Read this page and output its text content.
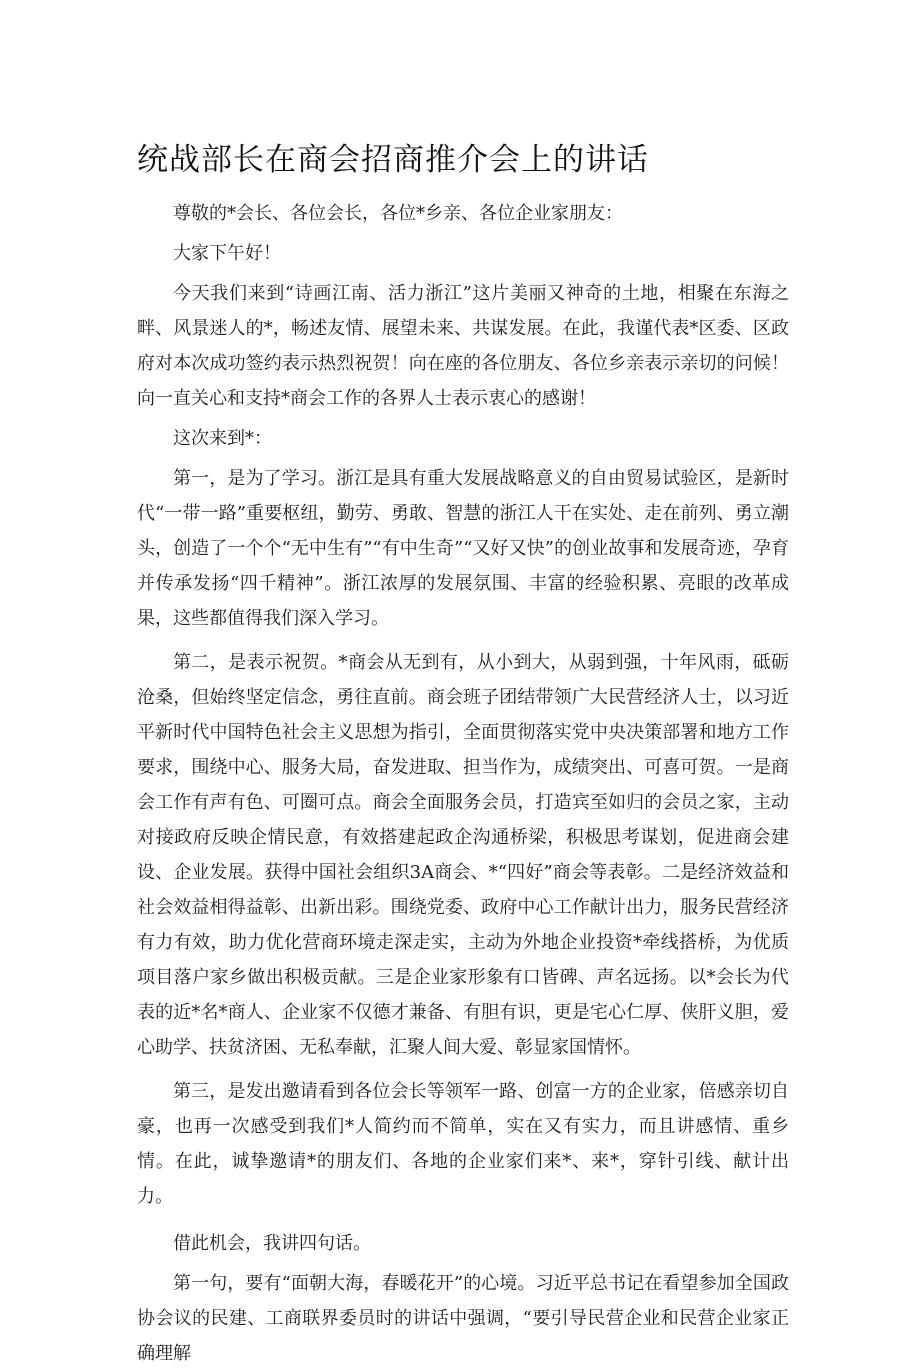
统战部长在商会招商推介会上的讲话

尊敬的*会长、各位会长，各位*乡亲、各位企业家朋友：

大家下午好！

今天我们来到“诗画江南、活力浙江”这片美丽又神奇的土地，相聚在东海之畔、风景迷人的*，畅述友情、展望未来、共谋发展。在此，我谨代表*区委、区政府对本次成功签约表示热烈祝贺！向在座的各位朋友、各位乡亲表示亲切的问候！向一直关心和支持*商会工作的各界人士表示衷心的感谢！

这次来到*：

第一，是为了学习。浙江是具有重大发展战略意义的自由贸易试验区，是新时代“一带一路”重要枢纽，勤劳、勇敢、智慧的浙江人干在实处、走在前列、勇立潮头，创造了一个个“无中生有”“有中生奇”“又好又快”的创业故事和发展奇迹，孕育并传承发扬“四千精神”。浙江浓厚的发展氛围、丰富的经验积累、亮眼的改革成果，这些都值得我们深入学习。

第二，是表示祝贺。*商会从无到有，从小到大，从弱到强，十年风雨，砥砺沧桑，但始终坚定信念，勇往直前。商会班子团结带领广大民营经济人士，以习近平新时代中国特色社会主义思想为指引，全面贯彻落实党中央决策部署和地方工作要求，围绕中心、服务大局，奋发进取、担当作为，成绩突出、可喜可贺。一是商会工作有声有色、可圈可点。商会全面服务会员，打造宾至如归的会员之家，主动对接政府反映企情民意，有效搭建起政企沟通桥梁，积极思考谋划，促进商会建设、企业发展。获得中国社会组织3A商会、*“四好”商会等表彰。二是经济效益和社会效益相得益彰、出新出彩。围绕党委、政府中心工作献计出力，服务民营经济有力有效，助力优化营商环境走深走实，主动为外地企业投资*牵线搭桥，为优质项目落户家乡做出积极贡献。三是企业家形象有口皆碑、声名远扬。以*会长为代表的近*名*商人、企业家不仅德才兼备、有胆有识，更是宅心仁厚、侠肝义胆，爱心助学、扶贫济困、无私奉献，汇聚人间大爱、彰显家国情怀。

第三，是发出邀请看到各位会长等领军一路、创富一方的企业家，倍感亲切自豪，也再一次感受到我们*人简约而不简单，实在又有实力，而且讲感情、重乡情。在此，诚挚邀请*的朋友们、各地的企业家们来*、来*，穿针引线、献计出力。

借此机会，我讲四句话。

第一句，要有“面朝大海，春暖花开”的心境。习近平总书记在看望参加全国政协会议的民建、工商联界委员时的讲话中强调，“要引导民营企业和民营企业家正确理解
